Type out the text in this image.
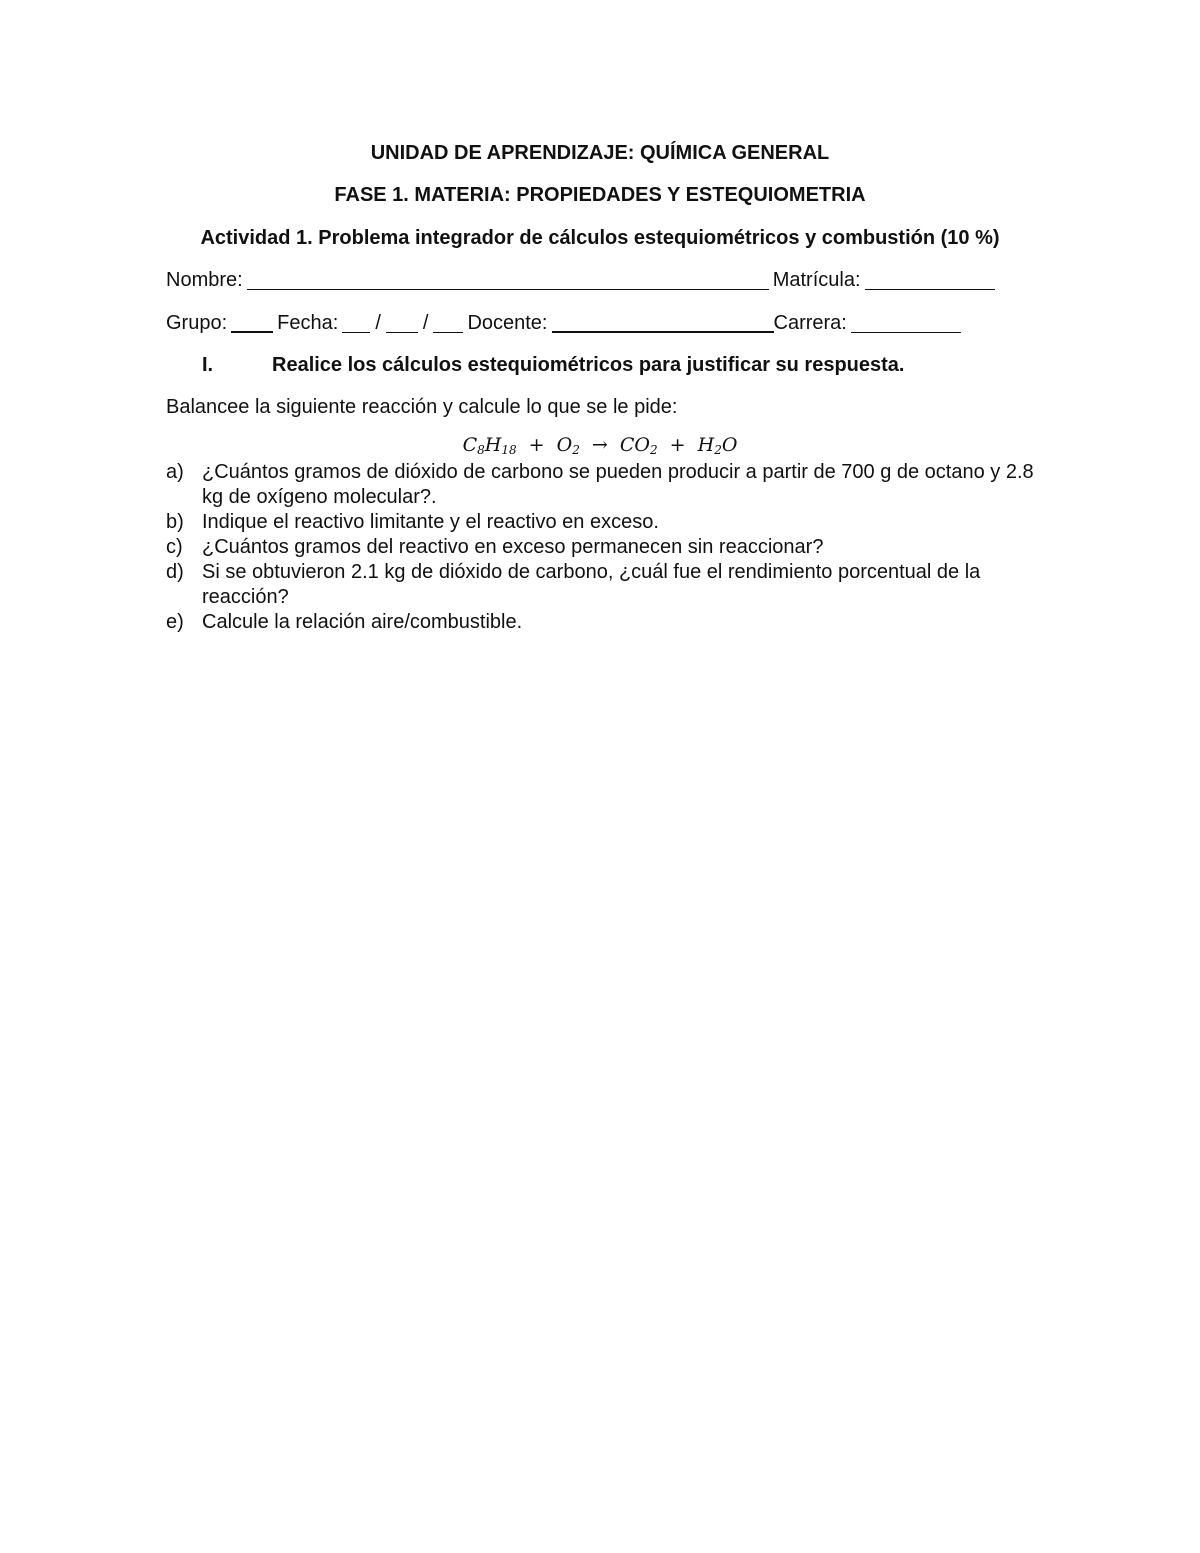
UNIDAD DE APRENDIZAJE: QUÍMICA GENERAL
FASE 1. MATERIA: PROPIEDADES Y ESTEQUIOMETRIA
Actividad 1. Problema integrador de cálculos estequiométricos y combustión (10 %)
Nombre:	Matrícula:
Grupo:	Fecha: / / Docente:	Carrera:
I.	Realice los cálculos estequiométricos para justificar su respuesta.
Balancee la siguiente reacción y calcule lo que se le pide:
$C_8H_{18} + O_2 \to CO_2 + H_2O$
a) ¿Cuántos gramos de dióxido de carbono se pueden producir a partir de 700 g de octano y 2.8 kg de oxígeno molecular?.
b) Indique el reactivo limitante y el reactivo en exceso.
c) ¿Cuántos gramos del reactivo en exceso permanecen sin reaccionar?
d) Si se obtuvieron 2.1 kg de dióxido de carbono, ¿cuál fue el rendimiento porcentual de la reacción?
e) Calcule la relación aire/combustible.
